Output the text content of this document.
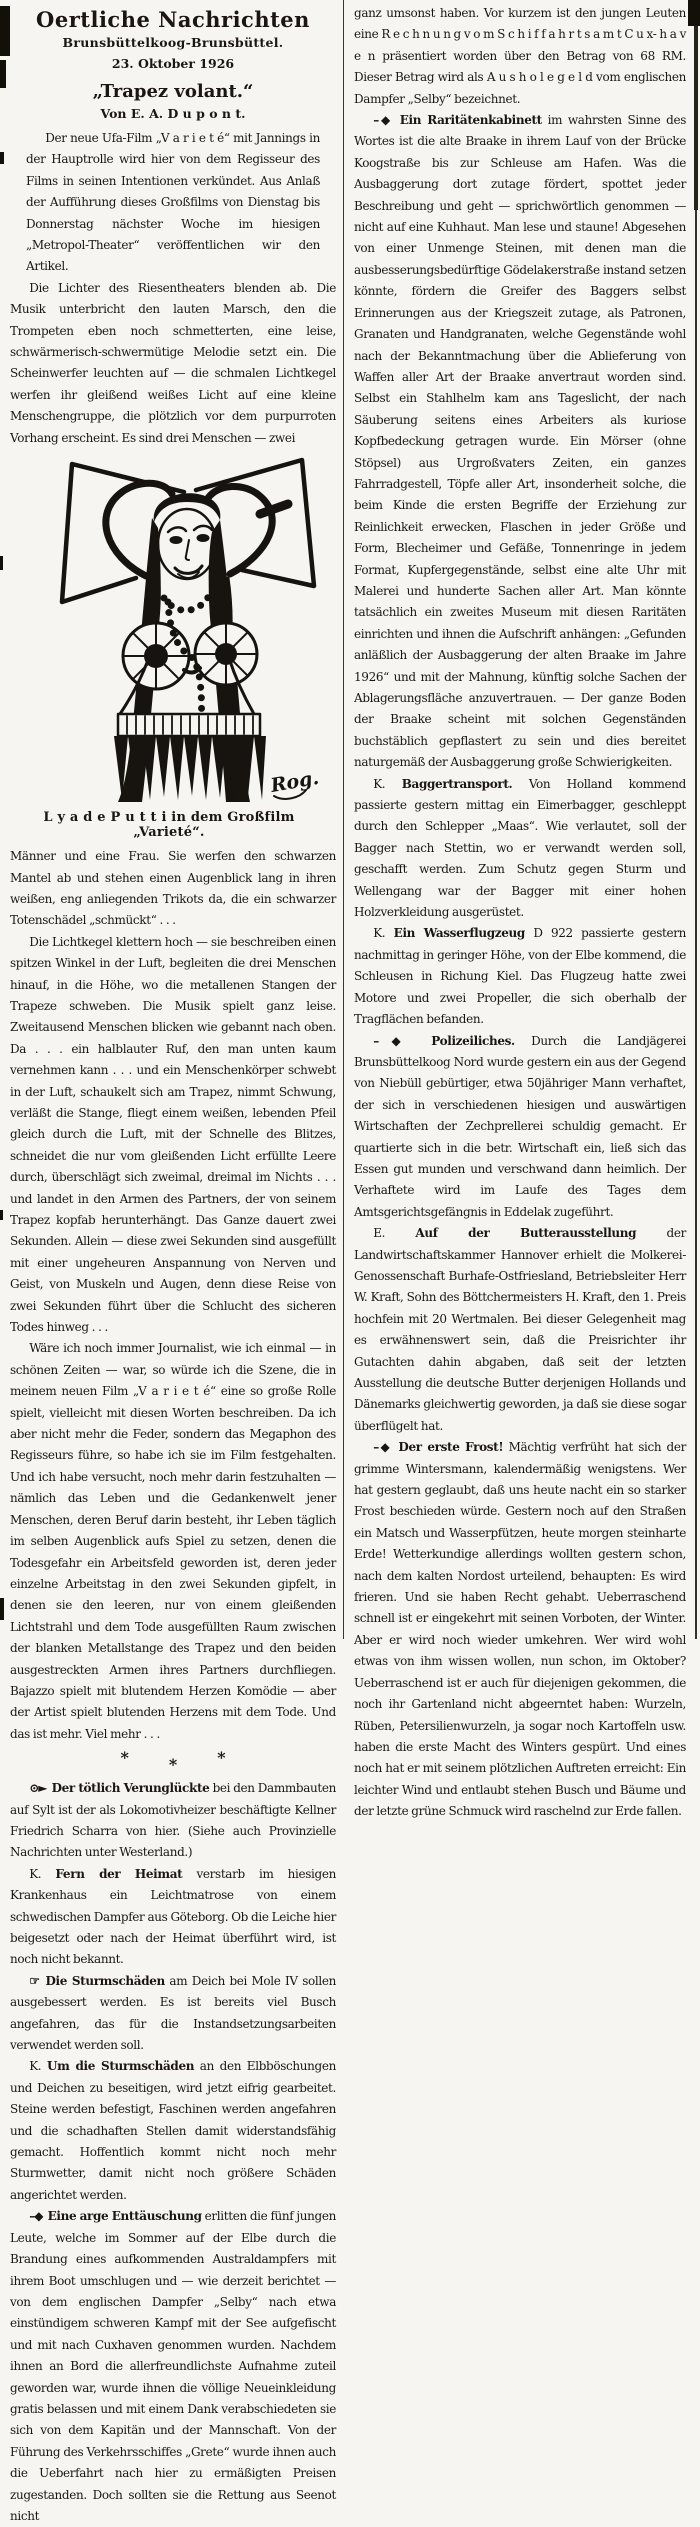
Oertliche Nachrichten
Brunsbüttelkoog-Brunsbüttel.
23. Oktober 1926
„Trapez volant.“
Von E. A. D u p o n t.

Der neue Ufa-Film „V a r i e t é“ mit Jannings in der Hauptrolle wird hier von dem Regisseur des Films in seinen Intentionen verkündet. Aus Anlaß der Aufführung dieses Großfilms von Dienstag bis Donnerstag nächster Woche im hiesigen „Metropol-Theater“ veröffentlichen wir den Artikel.

Die Lichter des Riesentheaters blenden ab. Die Musik unterbricht den lauten Marsch, den die Trompeten eben noch schmetterten, eine leise, schwärmerisch-schwermütige Melodie setzt ein. Die Scheinwerfer leuchten auf — die schmalen Lichtkegel werfen ihr gleißend weißes Licht auf eine kleine Menschengruppe, die plötzlich vor dem purpurroten Vorhang erscheint. Es sind drei Menschen — zwei

Rog.
L y a d e P u t t i in dem Großfilm „Varieté“.

Männer und eine Frau. Sie werfen den schwarzen Mantel ab und stehen einen Augenblick lang in ihren weißen, eng anliegenden Trikots da, die ein schwarzer Totenschädel „schmückt“ . . .

Die Lichtkegel klettern hoch — sie beschreiben einen spitzen Winkel in der Luft, begleiten die drei Menschen hinauf, in die Höhe, wo die metallenen Stangen der Trapeze schweben. Die Musik spielt ganz leise. Zweitausend Menschen blicken wie gebannt nach oben. Da . . . ein halblauter Ruf, den man unten kaum vernehmen kann . . . und ein Menschenkörper schwebt in der Luft, schaukelt sich am Trapez, nimmt Schwung, verläßt die Stange, fliegt einem weißen, lebenden Pfeil gleich durch die Luft, mit der Schnelle des Blitzes, schneidet die nur vom gleißenden Licht erfüllte Leere durch, überschlägt sich zweimal, dreimal im Nichts . . . und landet in den Armen des Partners, der von seinem Trapez kopfab herunterhängt. Das Ganze dauert zwei Sekunden. Allein — diese zwei Sekunden sind ausgefüllt mit einer ungeheuren Anspannung von Nerven und Geist, von Muskeln und Augen, denn diese Reise von zwei Sekunden führt über die Schlucht des sicheren Todes hinweg . . .

Wäre ich noch immer Journalist, wie ich einmal — in schönen Zeiten — war, so würde ich die Szene, die in meinem neuen Film „V a r i e t é“ eine so große Rolle spielt, vielleicht mit diesen Worten beschreiben. Da ich aber nicht mehr die Feder, sondern das Megaphon des Regisseurs führe, so habe ich sie im Film festgehalten. Und ich habe versucht, noch mehr darin festzuhalten — nämlich das Leben und die Gedankenwelt jener Menschen, deren Beruf darin besteht, ihr Leben täglich im selben Augenblick aufs Spiel zu setzen, denen die Todesgefahr ein Arbeitsfeld geworden ist, deren jeder einzelne Arbeitstag in den zwei Sekunden gipfelt, in denen sie den leeren, nur von einem gleißenden Lichtstrahl und dem Tode ausgefüllten Raum zwischen der blanken Metallstange des Trapez und den beiden ausgestreckten Armen ihres Partners durchfliegen. Bajazzo spielt mit blutendem Herzen Komödie — aber der Artist spielt blutenden Herzens mit dem Tode. Und das ist mehr. Viel mehr . . .

*	*	*

⊙► Der tötlich Verunglückte bei den Dammbauten auf Sylt ist der als Lokomotivheizer beschäftigte Kellner Friedrich Scharra von hier. (Siehe auch Provinzielle Nachrichten unter Westerland.)

K. Fern der Heimat verstarb im hiesigen Krankenhaus ein Leichtmatrose von einem schwedischen Dampfer aus Göteborg. Ob die Leiche hier beigesetzt oder nach der Heimat überführt wird, ist noch nicht bekannt.

☞ Die Sturmschäden am Deich bei Mole IV sollen ausgebessert werden. Es ist bereits viel Busch angefahren, das für die Instandsetzungsarbeiten verwendet werden soll.

K. Um die Sturmschäden an den Elbböschungen und Deichen zu beseitigen, wird jetzt eifrig gearbeitet. Steine werden befestigt, Faschinen werden angefahren und die schadhaften Stellen damit widerstandsfähig gemacht. Hoffentlich kommt nicht noch mehr Sturmwetter, damit nicht noch größere Schäden angerichtet werden.

–◆ Eine arge Enttäuschung erlitten die fünf jungen Leute, welche im Sommer auf der Elbe durch die Brandung eines aufkommenden Australdampfers mit ihrem Boot umschlugen und — wie derzeit berichtet — von dem englischen Dampfer „Selby“ nach etwa einstündigem schweren Kampf mit der See aufgefischt und mit nach Cuxhaven genommen wurden. Nachdem ihnen an Bord die allerfreundlichste Aufnahme zuteil geworden war, wurde ihnen die völlige Neueinkleidung gratis belassen und mit einem Dank verabschiedeten sie sich von dem Kapitän und der Mannschaft. Von der Führung des Verkehrsschiffes „Grete“ wurde ihnen auch die Ueberfahrt nach hier zu ermäßigten Preisen zugestanden. Doch sollten sie die Rettung aus Seenot nicht

ganz umsonst haben. Vor kurzem ist den jungen Leuten eine R e c h n u n g v o m S c h i f f a h r t s a m t C u x- h a v e n präsentiert worden über den Betrag von 68 RM. Dieser Betrag wird als A u s h o l e g e l d vom englischen Dampfer „Selby“ bezeichnet.

–◆ Ein Raritätenkabinett im wahrsten Sinne des Wortes ist die alte Braake in ihrem Lauf von der Brücke Koogstraße bis zur Schleuse am Hafen. Was die Ausbaggerung dort zutage fördert, spottet jeder Beschreibung und geht — sprichwörtlich genommen — nicht auf eine Kuhhaut. Man lese und staune! Abgesehen von einer Unmenge Steinen, mit denen man die ausbesserungsbedürftige Gödelakerstraße instand setzen könnte, fördern die Greifer des Baggers selbst Erinnerungen aus der Kriegszeit zutage, als Patronen, Granaten und Handgranaten, welche Gegenstände wohl nach der Bekanntmachung über die Ablieferung von Waffen aller Art der Braake anvertraut worden sind. Selbst ein Stahlhelm kam ans Tageslicht, der nach Säuberung seitens eines Arbeiters als kuriose Kopfbedeckung getragen wurde. Ein Mörser (ohne Stöpsel) aus Urgroßvaters Zeiten, ein ganzes Fahrradgestell, Töpfe aller Art, insonderheit solche, die beim Kinde die ersten Begriffe der Erziehung zur Reinlichkeit erwecken, Flaschen in jeder Größe und Form, Blecheimer und Gefäße, Tonnenringe in jedem Format, Kupfergegenstände, selbst eine alte Uhr mit Malerei und hunderte Sachen aller Art. Man könnte tatsächlich ein zweites Museum mit diesen Raritäten einrichten und ihnen die Aufschrift anhängen: „Gefunden anläßlich der Ausbaggerung der alten Braake im Jahre 1926“ und mit der Mahnung, künftig solche Sachen der Ablagerungsfläche anzuvertrauen. — Der ganze Boden der Braake scheint mit solchen Gegenständen buchstäblich gepflastert zu sein und dies bereitet naturgemäß der Ausbaggerung große Schwierigkeiten.

K. Baggertransport. Von Holland kommend passierte gestern mittag ein Eimerbagger, geschleppt durch den Schlepper „Maas“. Wie verlautet, soll der Bagger nach Stettin, wo er verwandt werden soll, geschafft werden. Zum Schutz gegen Sturm und Wellengang war der Bagger mit einer hohen Holzverkleidung ausgerüstet.

K. Ein Wasserflugzeug D 922 passierte gestern nachmittag in geringer Höhe, von der Elbe kommend, die Schleusen in Richung Kiel. Das Flugzeug hatte zwei Motore und zwei Propeller, die sich oberhalb der Tragflächen befanden.

–◆ Polizeiliches. Durch die Landjägerei Brunsbüttelkoog Nord wurde gestern ein aus der Gegend von Niebüll gebürtiger, etwa 50jähriger Mann verhaftet, der sich in verschiedenen hiesigen und auswärtigen Wirtschaften der Zechprellerei schuldig gemacht. Er quartierte sich in die betr. Wirtschaft ein, ließ sich das Essen gut munden und verschwand dann heimlich. Der Verhaftete wird im Laufe des Tages dem Amtsgerichtsgefängnis in Eddelak zugeführt.

E.	Auf der Butterausstellung	der Landwirtschaftskammer Hannover erhielt die Molkerei-Genossenschaft Burhafe-Ostfriesland, Betriebsleiter Herr W. Kraft, Sohn des Böttchermeisters H. Kraft, den 1. Preis hochfein mit 20 Wertmalen. Bei dieser Gelegenheit mag es erwähnenswert sein, daß die Preisrichter ihr Gutachten dahin abgaben, daß seit der letzten Ausstellung die deutsche Butter derjenigen Hollands und Dänemarks gleichwertig geworden, ja daß sie diese sogar überflügelt hat.

–◆ Der erste Frost! Mächtig verfrüht hat sich der grimme Wintersmann, kalendermäßig wenigstens. Wer hat gestern geglaubt, daß uns heute nacht ein so starker Frost beschieden würde. Gestern noch auf den Straßen ein Matsch und Wasserpfützen, heute morgen steinharte Erde! Wetterkundige allerdings wollten gestern schon, nach dem kalten Nordost urteilend, behaupten: Es wird frieren. Und sie haben Recht gehabt. Ueberraschend schnell ist er eingekehrt mit seinen Vorboten, der Winter. Aber er wird noch wieder umkehren. Wer wird wohl etwas von ihm wissen wollen, nun schon, im Oktober? Ueberraschend ist er auch für diejenigen gekommen, die noch ihr Gartenland nicht abgeerntet haben: Wurzeln, Rüben, Petersilienwurzeln, ja sogar noch Kartoffeln usw. haben die erste Macht des Winters gespürt. Und eines noch hat er mit seinem plötzlichen Auftreten erreicht: Ein leichter Wind und entlaubt stehen Busch und Bäume und der letzte grüne Schmuck wird raschelnd zur Erde fallen.
